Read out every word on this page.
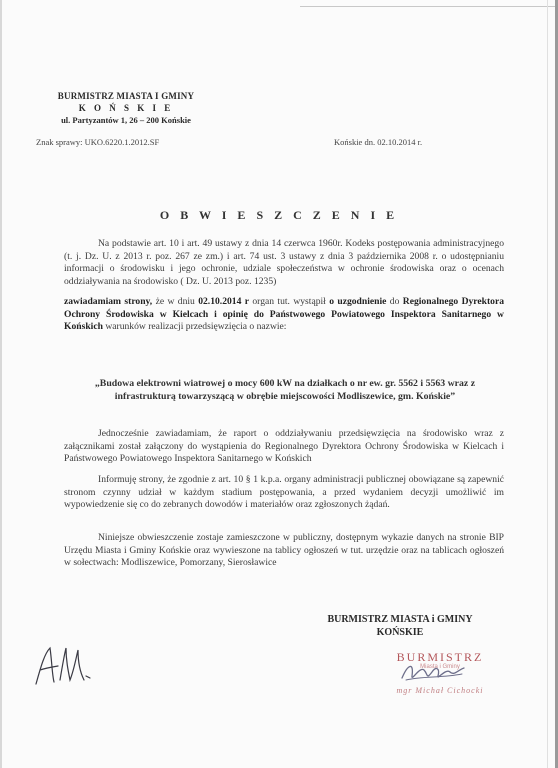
BURMISTRZ MIASTA I GMINY
K O Ń S K I E
ul. Partyzantów 1, 26 – 200 Końskie
Znak sprawy: UKO.6220.1.2012.SF	Końskie dn. 02.10.2014 r.
O B W I E S Z C Z E N I E
Na podstawie art. 10 i art. 49 ustawy z dnia 14 czerwca 1960r. Kodeks postępowania administracyjnego (t. j. Dz. U. z 2013 r. poz. 267 ze zm.) i art. 74 ust. 3 ustawy z dnia 3 października 2008 r. o udostępnianiu informacji o środowisku i jego ochronie, udziale społeczeństwa w ochronie środowiska oraz o ocenach oddziaływania na środowisko ( Dz. U. 2013 poz. 1235)
zawiadamiam strony, że w dniu 02.10.2014 r organ tut. wystąpił o uzgodnienie do Regionalnego Dyrektora Ochrony Środowiska w Kielcach i opinię do Państwowego Powiatowego Inspektora Sanitarnego w Końskich warunków realizacji przedsięwzięcia o nazwie:
„Budowa elektrowni wiatrowej o mocy 600 kW na działkach o nr ew. gr. 5562 i 5563 wraz z infrastrukturą towarzyszącą w obrębie miejscowości Modliszewice, gm. Końskie”
Jednocześnie zawiadamiam, że raport o oddziaływaniu przedsięwzięcia na środowisko wraz z załącznikami został załączony do wystąpienia do Regionalnego Dyrektora Ochrony Środowiska w Kielcach i Państwowego Powiatowego Inspektora Sanitarnego w Końskich
Informuję strony, że zgodnie z art. 10 § 1 k.p.a. organy administracji publicznej obowiązane są zapewnić stronom czynny udział w każdym stadium postępowania, a przed wydaniem decyzji umożliwić im wypowiedzenie się co do zebranych dowodów i materiałów oraz zgłoszonych żądań.
Niniejsze obwieszczenie zostaje zamieszczone w publiczny, dostępnym wykazie danych na stronie BIP Urzędu Miasta i Gminy Końskie oraz wywieszone na tablicy ogłoszeń w tut. urzędzie oraz na tablicach ogłoszeń w sołectwach: Modliszewice, Pomorzany, Sierosławice
BURMISTRZ MIASTA i GMINY
KOŃSKIE
BURMISTRZ
Miasta i Gminy
mgr Michał Cichocki
